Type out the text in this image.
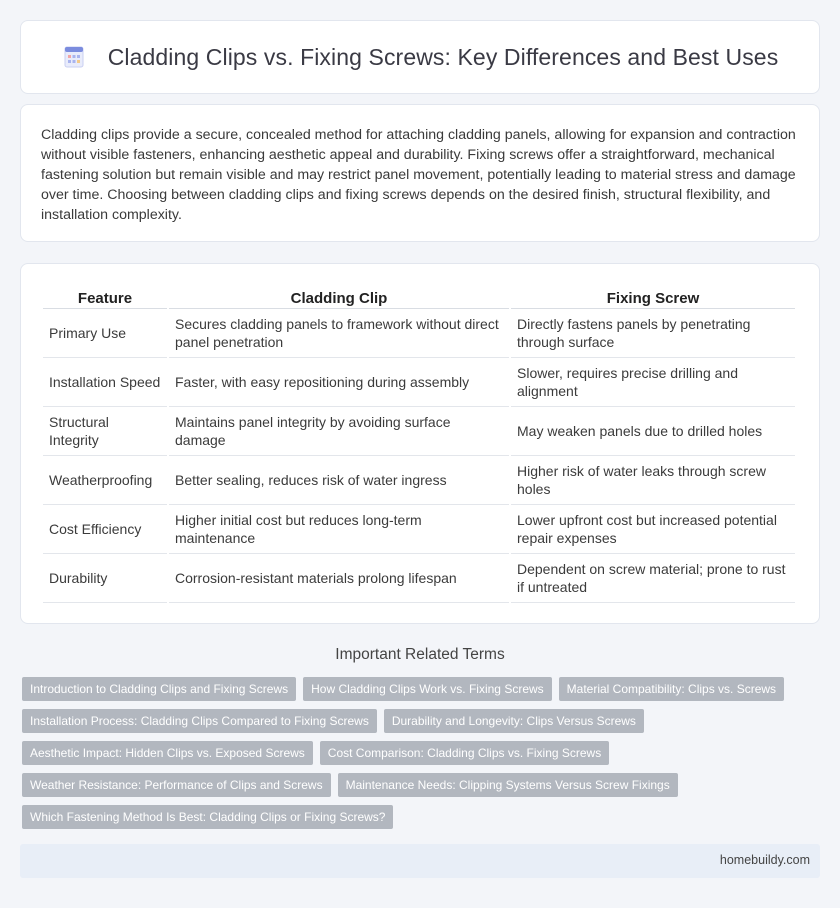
Cladding Clips vs. Fixing Screws: Key Differences and Best Uses

Cladding clips provide a secure, concealed method for attaching cladding panels, allowing for expansion and contraction without visible fasteners, enhancing aesthetic appeal and durability. Fixing screws offer a straightforward, mechanical fastening solution but remain visible and may restrict panel movement, potentially leading to material stress and damage over time. Choosing between cladding clips and fixing screws depends on the desired finish, structural flexibility, and installation complexity.

Feature	Cladding Clip	Fixing Screw
Primary Use	Secures cladding panels to framework without direct panel penetration	Directly fastens panels by penetrating through surface
Installation Speed	Faster, with easy repositioning during assembly	Slower, requires precise drilling and alignment
Structural Integrity	Maintains panel integrity by avoiding surface damage	May weaken panels due to drilled holes
Weatherproofing	Better sealing, reduces risk of water ingress	Higher risk of water leaks through screw holes
Cost Efficiency	Higher initial cost but reduces long-term maintenance	Lower upfront cost but increased potential repair expenses
Durability	Corrosion-resistant materials prolong lifespan	Dependent on screw material; prone to rust if untreated
Important Related Terms
Introduction to Cladding Clips and Fixing Screws	How Cladding Clips Work vs. Fixing Screws	Material Compatibility: Clips vs. Screws
Installation Process: Cladding Clips Compared to Fixing Screws	Durability and Longevity: Clips Versus Screws
Aesthetic Impact: Hidden Clips vs. Exposed Screws	Cost Comparison: Cladding Clips vs. Fixing Screws
Weather Resistance: Performance of Clips and Screws	Maintenance Needs: Clipping Systems Versus Screw Fixings
Which Fastening Method Is Best: Cladding Clips or Fixing Screws?
homebuildy.com
